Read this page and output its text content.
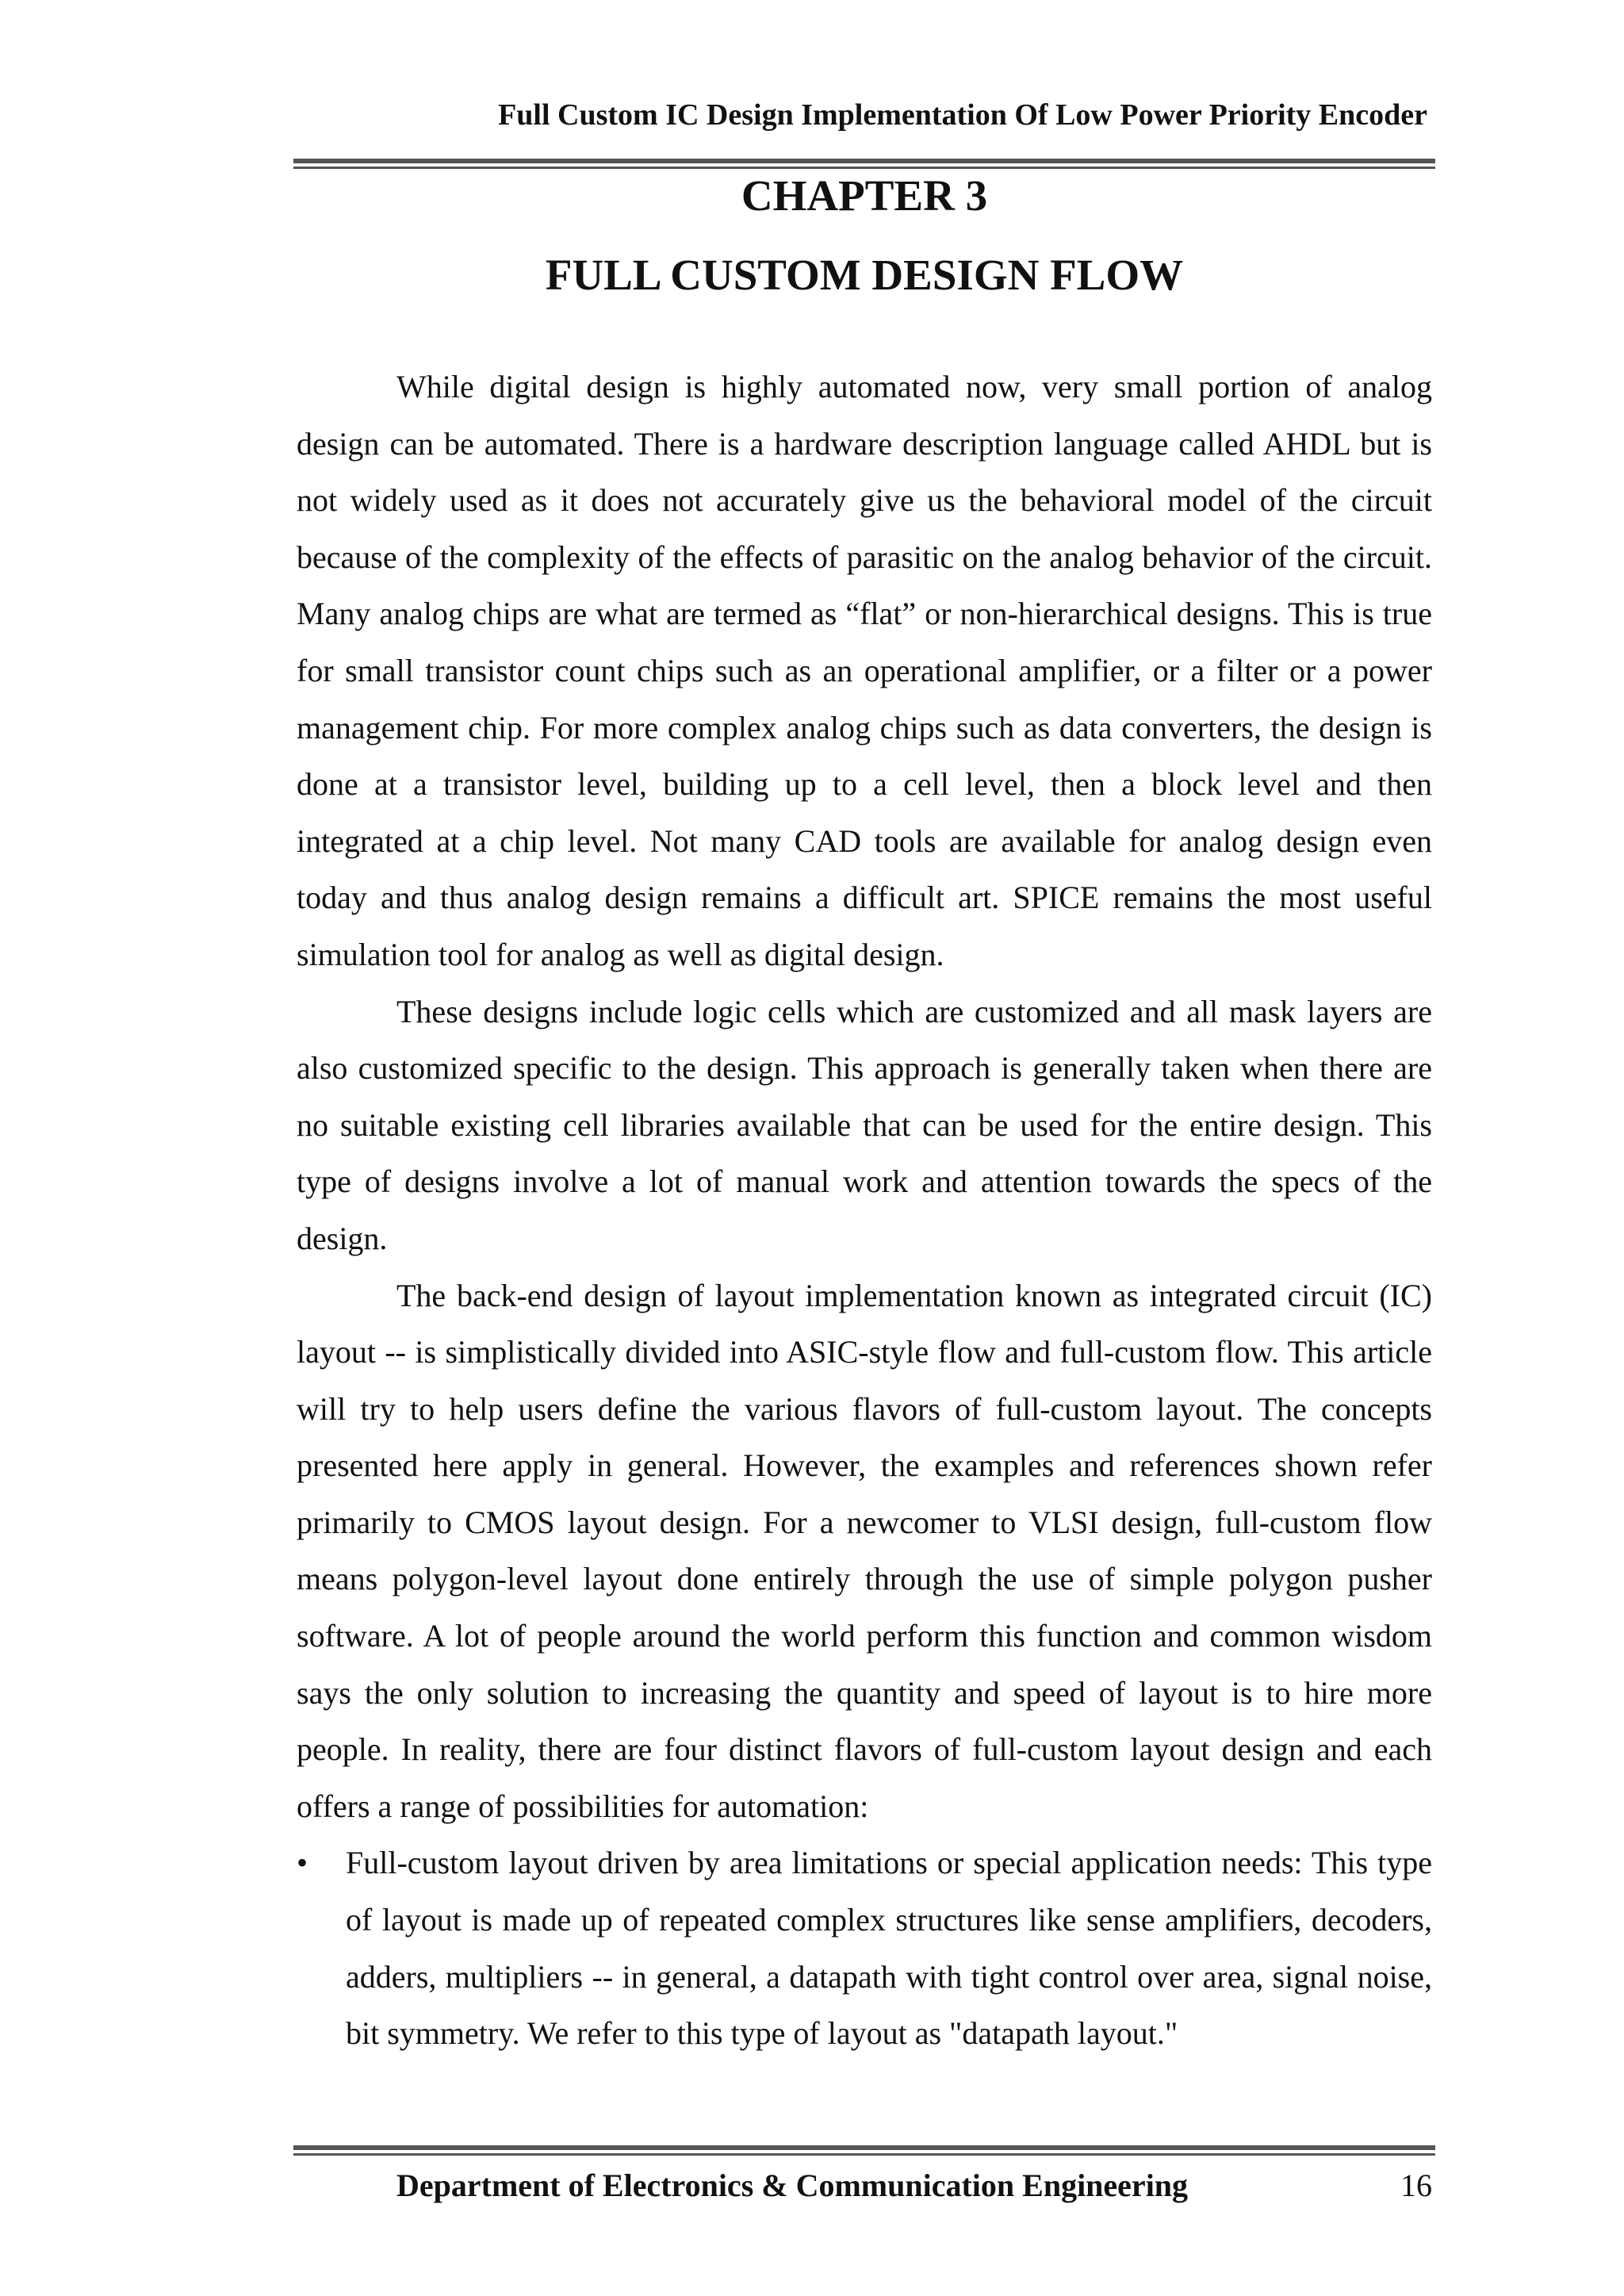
Full Custom IC Design Implementation Of Low Power Priority Encoder
CHAPTER 3
FULL CUSTOM DESIGN FLOW

While digital design is highly automated now, very small portion of analog design can be automated. There is a hardware description language called AHDL but is not widely used as it does not accurately give us the behavioral model of the circuit because of the complexity of the effects of parasitic on the analog behavior of the circuit. Many analog chips are what are termed as “flat” or non-hierarchical designs. This is true for small transistor count chips such as an operational amplifier, or a filter or a power management chip. For more complex analog chips such as data converters, the design is done at a transistor level, building up to a cell level, then a block level and then integrated at a chip level. Not many CAD tools are available for analog design even today and thus analog design remains a difficult art. SPICE remains the most useful simulation tool for analog as well as digital design.

These designs include logic cells which are customized and all mask layers are also customized specific to the design. This approach is generally taken when there are no suitable existing cell libraries available that can be used for the entire design. This type of designs involve a lot of manual work and attention towards the specs of the design.

The back-end design of layout implementation known as integrated circuit (IC) layout -- is simplistically divided into ASIC-style flow and full-custom flow. This article will try to help users define the various flavors of full-custom layout. The concepts presented here apply in general. However, the examples and references shown refer primarily to CMOS layout design. For a newcomer to VLSI design, full-custom flow means polygon-level layout done entirely through the use of simple polygon pusher software. A lot of people around the world perform this function and common wisdom says the only solution to increasing the quantity and speed of layout is to hire more people. In reality, there are four distinct flavors of full-custom layout design and each offers a range of possibilities for automation:

• Full-custom layout driven by area limitations or special application needs: This type of layout is made up of repeated complex structures like sense amplifiers, decoders, adders, multipliers -- in general, a datapath with tight control over area, signal noise, bit symmetry. We refer to this type of layout as "datapath layout."
Department of Electronics & Communication Engineering	16
